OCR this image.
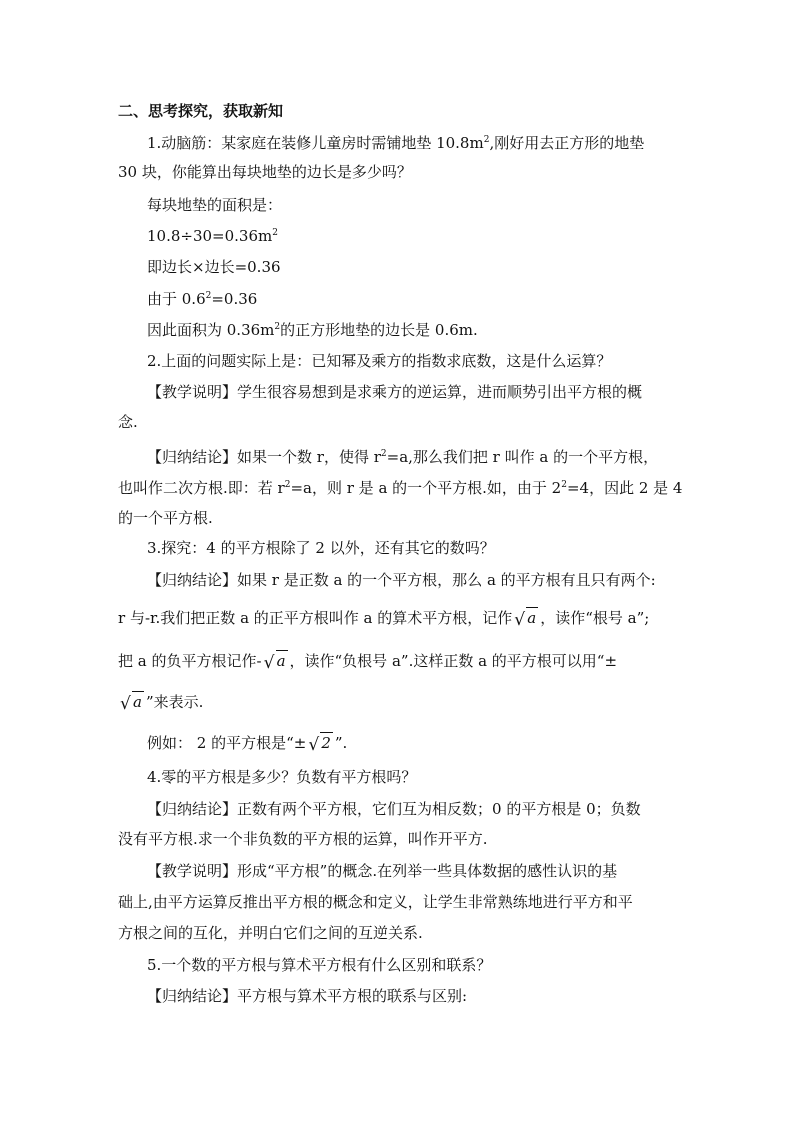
二、思考探究，获取新知
1.动脑筋：某家庭在装修儿童房时需铺地垫 $10.8m^2$,刚好用去正方形的地垫
30 块，你能算出每块地垫的边长是多少吗？
每块地垫的面积是：
$10.8\div 30=0.36m^2$
即边长×边长=0.36
由于 $0.6^2=0.36$
因此面积为 $0.36m^2$的正方形地垫的边长是 0.6m.
2.上面的问题实际上是：已知幂及乘方的指数求底数，这是什么运算？
【教学说明】学生很容易想到是求乘方的逆运算，进而顺势引出平方根的概
念.
【归纳结论】如果一个数 r，使得 $r^2=a$,那么我们把 r 叫作 a 的一个平方根，
也叫作二次方根.即：若 $r^2=a$，则 r 是 a 的一个平方根.如，由于 $2^2=4$，因此 2 是 4
的一个平方根.
3.探究：4 的平方根除了 2 以外，还有其它的数吗？
【归纳结论】如果 r 是正数 a 的一个平方根，那么 a 的平方根有且只有两个:
r 与-r.我们把正数 a 的正平方根叫作 a 的算术平方根，记作 √ a ，读作“根号 a”;
把 a 的负平方根记作- √ a ，读作“负根号 a”.这样正数 a 的平方根可以用“±
√ a ”来表示.
例如： 2 的平方根是“± √ 2 ”.
4.零的平方根是多少？负数有平方根吗？
【归纳结论】正数有两个平方根，它们互为相反数；0 的平方根是 0；负数
没有平方根.求一个非负数的平方根的运算，叫作开平方.
【教学说明】形成“平方根”的概念.在列举一些具体数据的感性认识的基
础上,由平方运算反推出平方根的概念和定义，让学生非常熟练地进行平方和平
方根之间的互化，并明白它们之间的互逆关系.
5.一个数的平方根与算术平方根有什么区别和联系？
【归纳结论】平方根与算术平方根的联系与区别:
